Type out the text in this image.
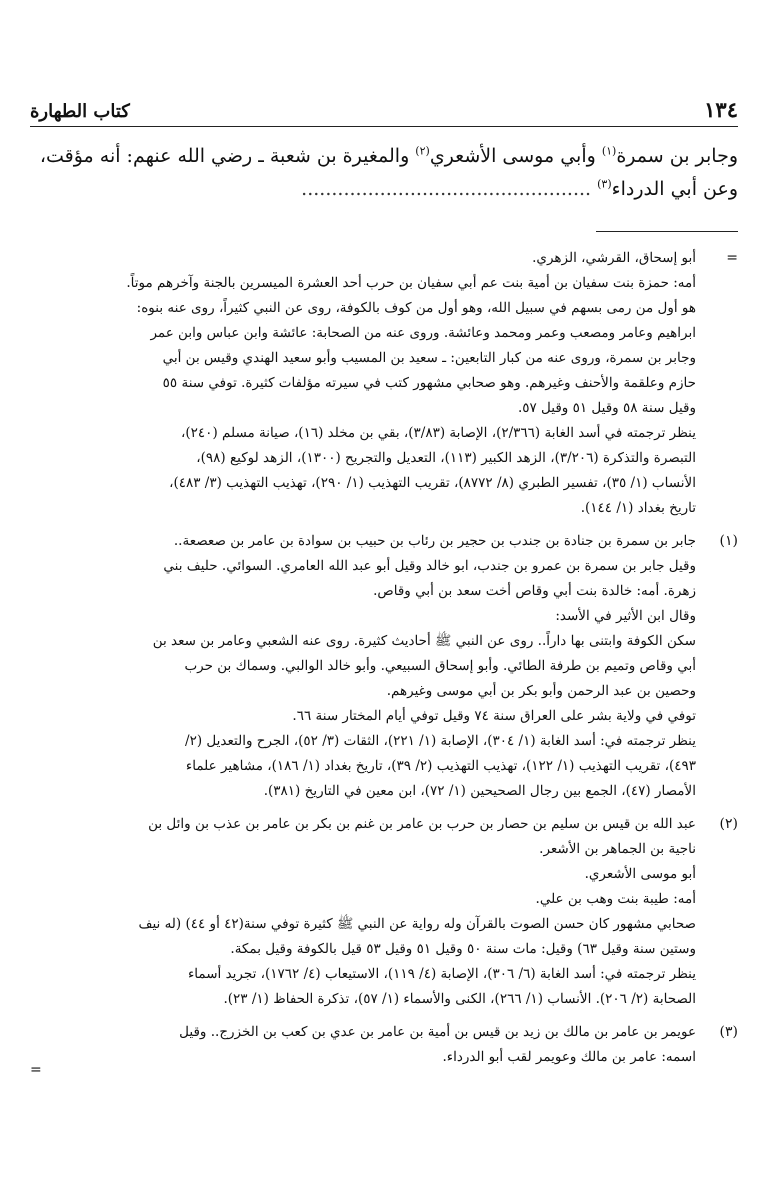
١٣٤
كتاب الطهارة
وجابر بن سمرة$^{(١)}$ وأبي موسى الأشعري$^{(٢)}$ والمغيرة بن شعبة ـ رضي الله عنهم: أنه مؤقت،
وعن أبي الدرداء$^{(٣)}$ ................................................
=
أبو إسحاق، القرشي، الزهري.
أمه: حمزة بنت سفيان بن أمية بنت عم أبي سفيان بن حرب أحد العشرة الميسرين بالجنة وآخرهم موتاً.
هو أول من رمى بسهم في سبيل الله، وهو أول من كوف بالكوفة، روى عن النبي كثيراً، روى عنه بنوه:
ابراهيم وعامر ومصعب وعمر ومحمد وعائشة. وروى عنه من الصحابة: عائشة وابن عباس وابن عمر
وجابر بن سمرة، وروى عنه من كبار التابعين: ـ سعيد بن المسيب وأبو سعيد الهندي وقيس بن أبي
حازم وعلقمة والأحنف وغيرهم. وهو صحابي مشهور كتب في سيرته مؤلفات كثيرة. توفي سنة ٥٥
وقيل سنة ٥٨ وقيل ٥١ وقيل ٥٧.
ينظر ترجمته في أسد الغابة (٢/٣٦٦)، الإصابة (٣/٨٣)، بقي بن مخلد (١٦)، صيانة مسلم (٢٤٠)،
التبصرة والتذكرة (٣/٢٠٦)، الزهد الكبير (١١٣)، التعديل والتجريح (١٣٠٠)، الزهد لوكيع (٩٨)،
الأنساب (١/ ٣٥)، تفسير الطبري (٨/ ٨٧٧٢)، تقريب التهذيب (١/ ٢٩٠)، تهذيب التهذيب (٣/ ٤٨٣)،
تاريخ بغداد (١/ ١٤٤).
(١)
جابر بن سمرة بن جنادة بن جندب بن حجير بن رئاب بن حبيب بن سوادة بن عامر بن صعصعة..
وقيل جابر بن سمرة بن عمرو بن جندب، ابو خالد وقيل أبو عبد الله العامري. السوائي. حليف بني
زهرة. أمه: خالدة بنت أبي وقاص أخت سعد بن أبي وقاص.
وقال ابن الأثير في الأسد:
سكن الكوفة وابتنى بها داراً.. روى عن النبي ﷺ أحاديث كثيرة. روى عنه الشعبي وعامر بن سعد بن
أبي وقاص وتميم بن طرفة الطائي. وأبو إسحاق السبيعي. وأبو خالد الوالبي. وسماك بن حرب
وحصين بن عبد الرحمن وأبو بكر بن أبي موسى وغيرهم.
توفي في ولاية بشر على العراق سنة ٧٤ وقيل توفي أيام المختار سنة ٦٦.
ينظر ترجمته في: أسد الغابة (١/ ٣٠٤)، الإصابة (١/ ٢٢١)، الثقات (٣/ ٥٢)، الجرح والتعديل (٢/
٤٩٣)، تقريب التهذيب (١/ ١٢٢)، تهذيب التهذيب (٢/ ٣٩)، تاريخ بغداد (١/ ١٨٦)، مشاهير علماء
الأمصار (٤٧)، الجمع بين رجال الصحيحين (١/ ٧٢)، ابن معين في التاريخ (٣٨١).
(٢)
عبد الله بن قيس بن سليم بن حصار بن حرب بن عامر بن غنم بن بكر بن عامر بن عذب بن وائل بن
ناجية بن الجماهر بن الأشعر.
أبو موسى الأشعري.
أمه: طيبة بنت وهب بن علي.
صحابي مشهور كان حسن الصوت بالقرآن وله رواية عن النبي ﷺ كثيرة توفي سنة(٤٢ أو ٤٤) (له نيف
وستين سنة وقيل ٦٣) وقيل: مات سنة ٥٠ وقيل ٥١ وقيل ٥٣ قيل بالكوفة وقيل بمكة.
ينظر ترجمته في: أسد الغابة (٦/ ٣٠٦)، الإصابة (٤/ ١١٩)، الاستيعاب (٤/ ١٧٦٢)، تجريد أسماء
الصحابة (٢/ ٢٠٦). الأنساب (١/ ٢٦٦)، الكنى والأسماء (١/ ٥٧)، تذكرة الحفاظ (١/ ٢٣).
(٣)
عويمر بن عامر بن مالك بن زيد بن قيس بن أمية بن عامر بن عدي بن كعب بن الخزرج.. وقيل
اسمه: عامر بن مالك وعويمر لقب أبو الدرداء.
=
